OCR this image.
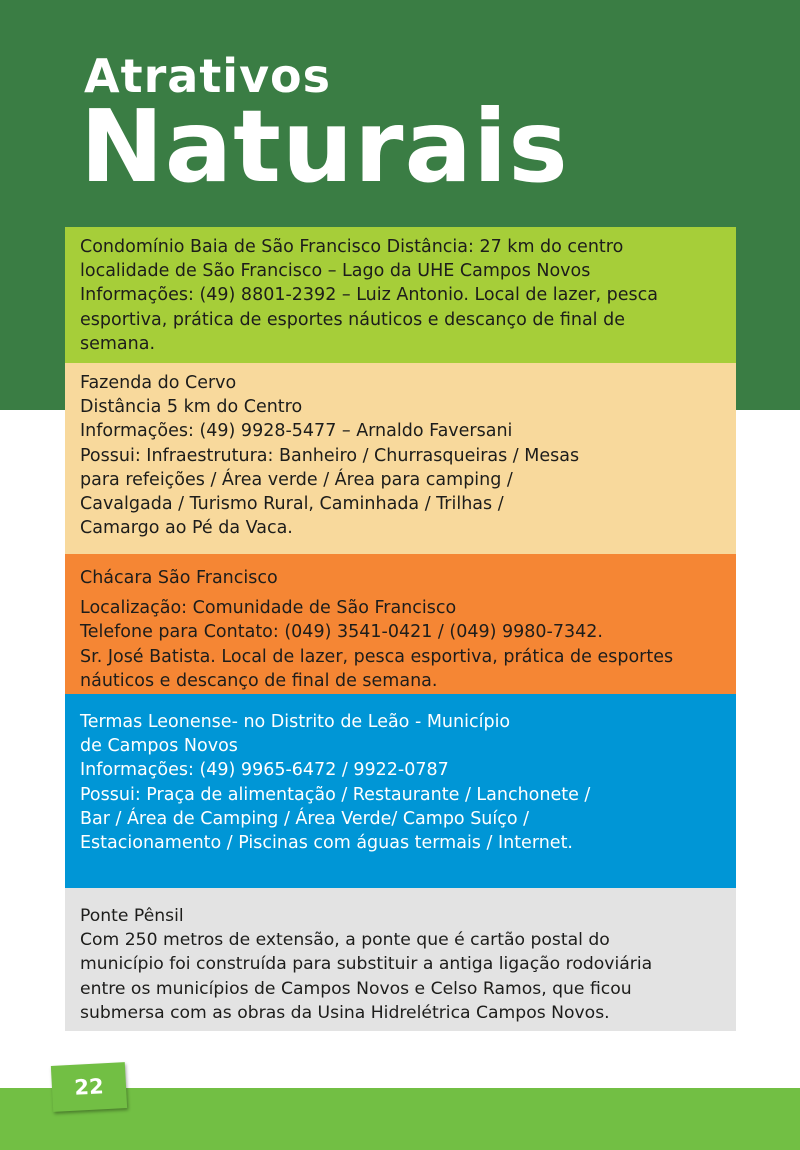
Atrativos
Naturais

Condomínio Baia de São Francisco Distância: 27 km do centro

localidade de São Francisco – Lago da UHE Campos Novos

Informações: (49) 8801-2392 – Luiz Antonio. Local de lazer, pesca

esportiva, prática de esportes náuticos e descanço de final de

semana.

Fazenda do Cervo

Distância 5 km do Centro

Informações: (49) 9928-5477 – Arnaldo Faversani

Possui: Infraestrutura: Banheiro / Churrasqueiras / Mesas

para refeições / Área verde / Área para camping /

Cavalgada / Turismo Rural, Caminhada / Trilhas /

Camargo ao Pé da Vaca.

Chácara São Francisco

Localização: Comunidade de São Francisco

Telefone para Contato: (049) 3541-0421 / (049) 9980-7342.

Sr. José Batista. Local de lazer, pesca esportiva, prática de esportes

náuticos e descanço de final de semana.

Termas Leonense- no Distrito de Leão - Município

de Campos Novos

Informações: (49) 9965-6472 / 9922-0787

Possui: Praça de alimentação / Restaurante / Lanchonete /

Bar / Área de Camping / Área Verde/ Campo Suíço /

Estacionamento / Piscinas com águas termais / Internet.

Ponte Pênsil

Com 250 metros de extensão, a ponte que é cartão postal do

município foi construída para substituir a antiga ligação rodoviária

entre os municípios de Campos Novos e Celso Ramos, que ficou

submersa com as obras da Usina Hidrelétrica Campos Novos.

22
